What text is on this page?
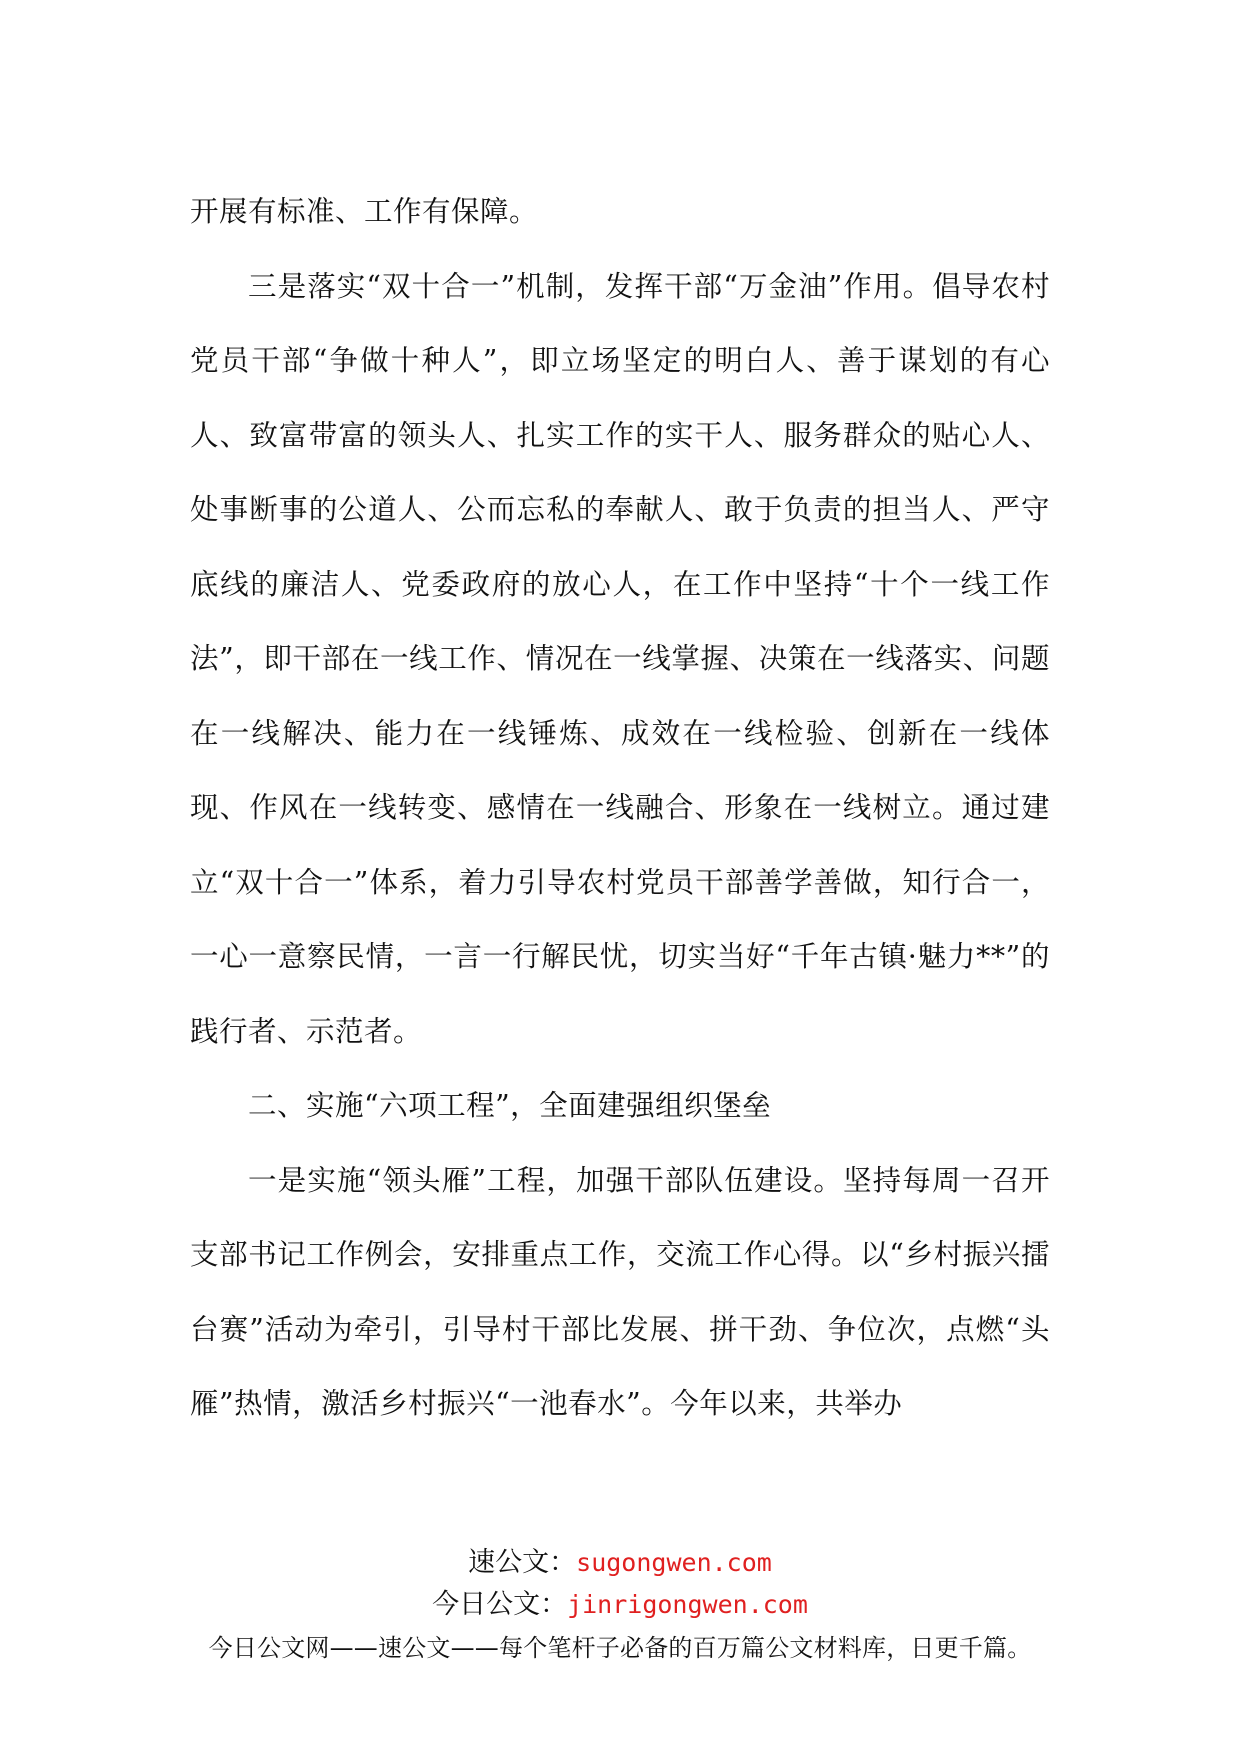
开展有标准、工作有保障。

三是落实“双十合一”机制，发挥干部“万金油”作用。倡导农村党员干部“争做十种人”，即立场坚定的明白人、善于谋划的有心人、致富带富的领头人、扎实工作的实干人、服务群众的贴心人、处事断事的公道人、公而忘私的奉献人、敢于负责的担当人、严守底线的廉洁人、党委政府的放心人，在工作中坚持“十个一线工作法”，即干部在一线工作、情况在一线掌握、决策在一线落实、问题在一线解决、能力在一线锤炼、成效在一线检验、创新在一线体现、作风在一线转变、感情在一线融合、形象在一线树立。通过建立“双十合一”体系，着力引导农村党员干部善学善做，知行合一，一心一意察民情，一言一行解民忧，切实当好“千年古镇·魅力**”的践行者、示范者。

二、实施“六项工程”，全面建强组织堡垒

一是实施“领头雁”工程，加强干部队伍建设。坚持每周一召开支部书记工作例会，安排重点工作，交流工作心得。以“乡村振兴擂台赛”活动为牵引，引导村干部比发展、拼干劲、争位次，点燃“头雁”热情，激活乡村振兴“一池春水”。今年以来，共举办

速公文：sugongwen.com
今日公文：jinrigongwen.com
今日公文网——速公文——每个笔杆子必备的百万篇公文材料库，日更千篇。
